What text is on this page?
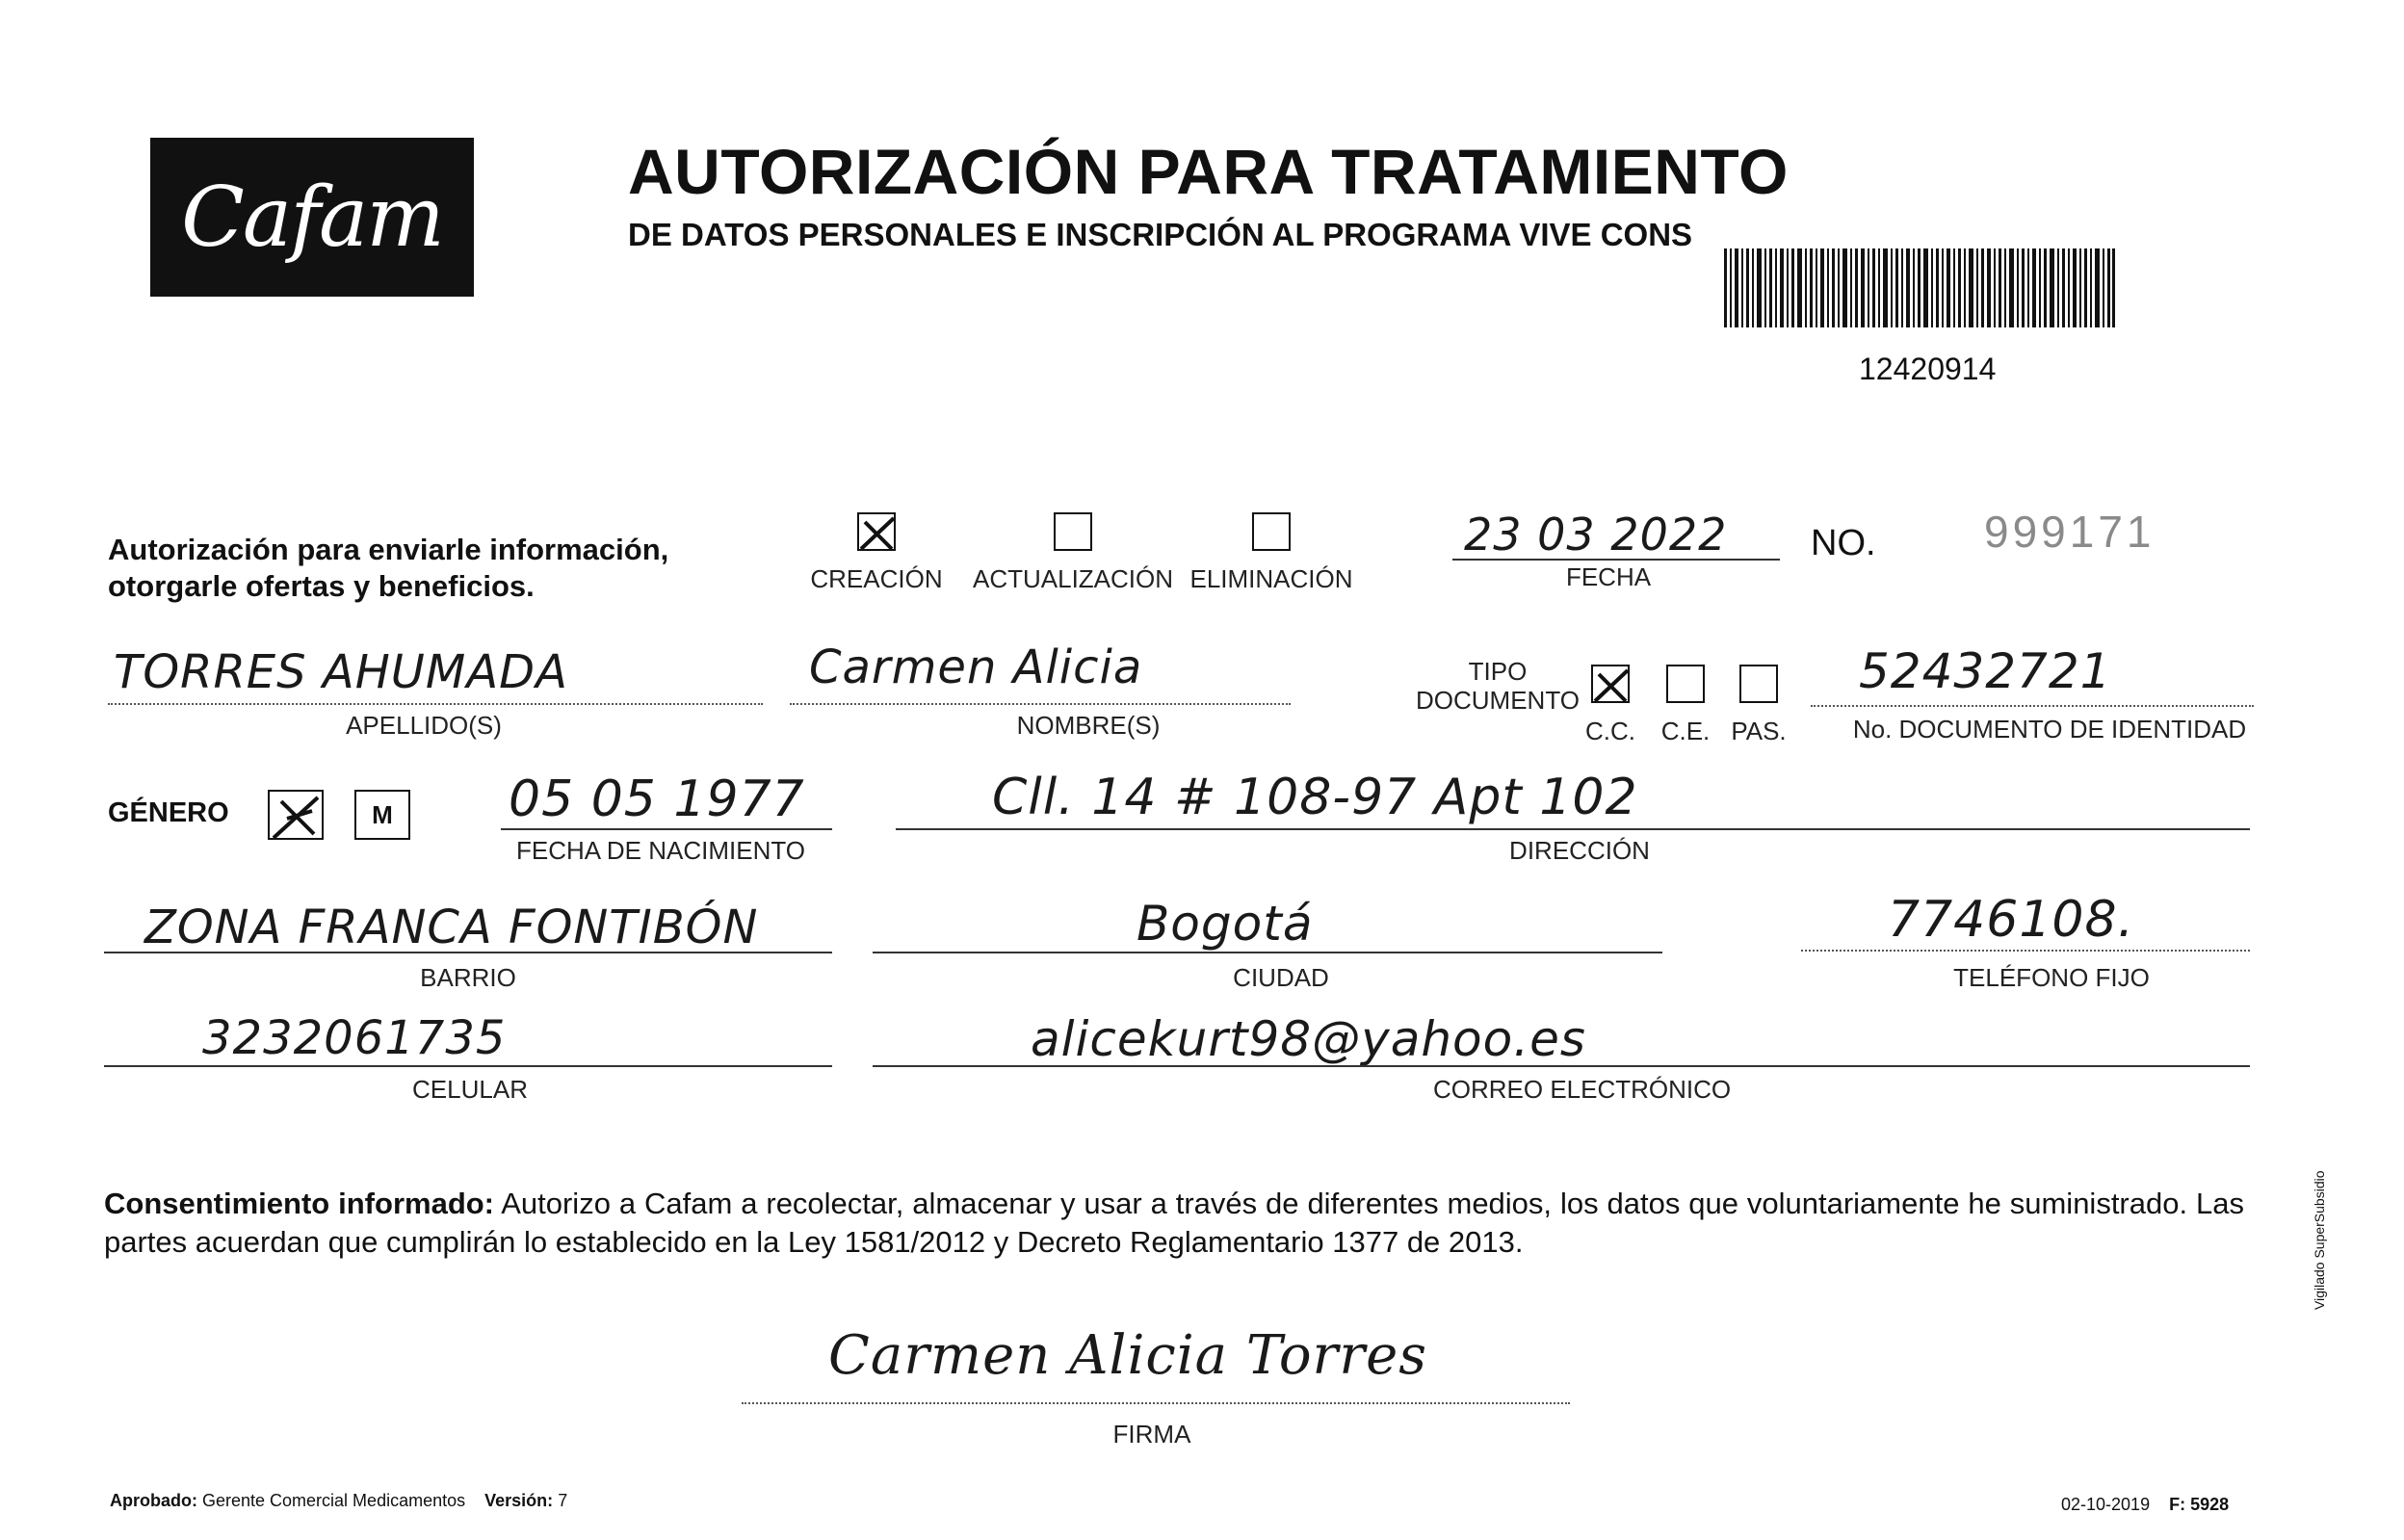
Cafam	AUTORIZACIÓN PARA TRATAMIENTO
DE DATOS PERSONALES E INSCRIPCIÓN AL PROGRAMA VIVE CONS
12420914
Autorización para enviarle información,
otorgarle ofertas y beneficios.	CREACIÓN ACTUALIZACIÓN ELIMINACIÓN
23 03 2022
FECHA
NO. 999171
TORRES AHUMADA
APELLIDO(S)
Carmen Alicia
NOMBRE(S)
TIPO
DOCUMENTO
C.C. C.E. PAS.
52432721
No. DOCUMENTO DE IDENTIDAD
GÉNERO	M 05 05 1977
FECHA DE NACIMIENTO
Cll. 14 # 108-97 Apt 102
DIRECCIÓN
ZONA FRANCA FONTIBÓN
BARRIO
Bogotá
CIUDAD
7746108.
TELÉFONO FIJO
3232061735
CELULAR
alicekurt98@yahoo.es
CORREO ELECTRÓNICO
Consentimiento informado: Autorizo a Cafam a recolectar, almacenar y usar a través de diferentes medios, los datos que voluntariamente he suministrado. Las partes acuerdan que cumplirán lo establecido en la Ley 1581/2012 y Decreto Reglamentario 1377 de 2013.
Carmen Alicia Torres
FIRMA
Aprobado: Gerente Comercial Medicamentos Versión: 7	02-10-2019 F: 5928
Vigilado SuperSubsidio
